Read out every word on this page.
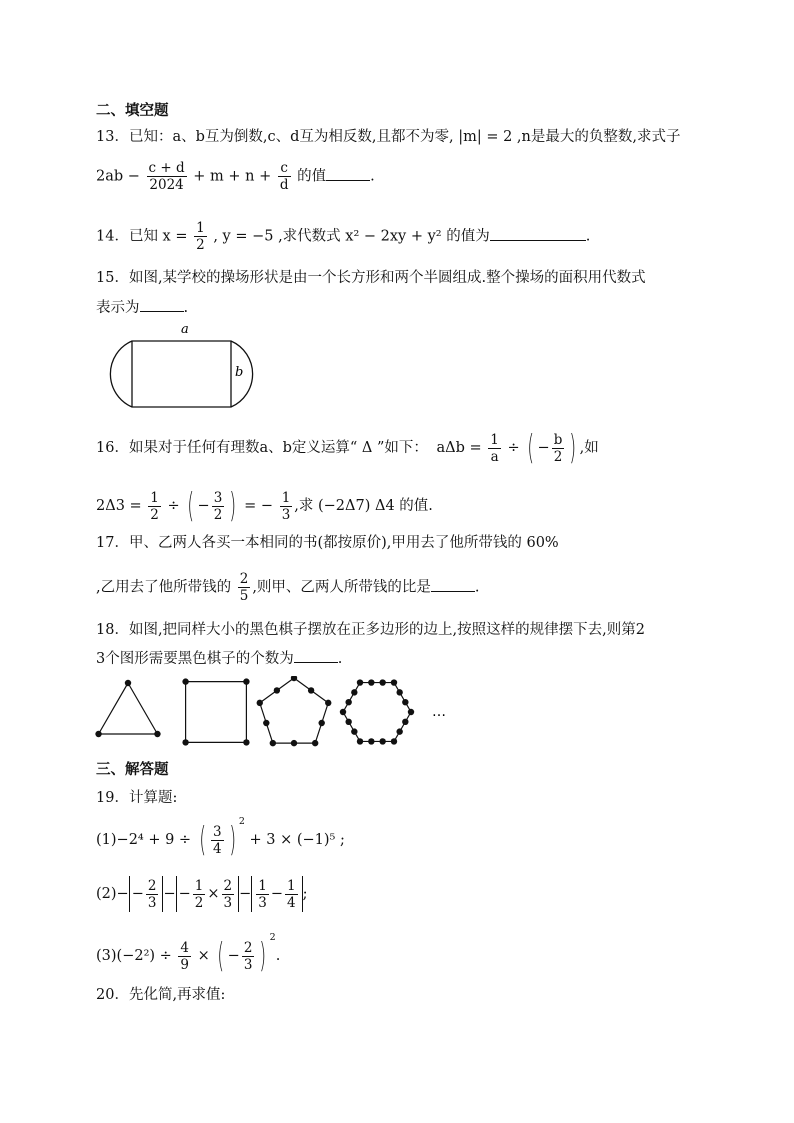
二、填空题
13．已知：a、b互为倒数,c、d互为相反数,且都不为零, |m| = 2 ,n是最大的负整数,求式子
$2ab - \frac{c + d}{2024} + m + n + \frac{c}{d}$ 的值	.
14．已知 $x = \frac{1}{2}$ , y = −5 ,求代数式 x² − 2xy + y² 的值为	.
15．如图,某学校的操场形状是由一个长方形和两个半圆组成.整个操场的面积用代数式
表示为	.
a
b
16．如果对于任何有理数a、b定义运算“ Δ ”如下： $a\Delta b = \frac{1}{a}$ ÷ ( − $\frac{b}{2}$ ) ,如
$2\Delta 3 = \frac{1}{2}$ ÷ ( − $\frac{3}{2}$ ) = − $\frac{1}{3}$ ,求 (−2Δ7) Δ4 的值.
17．甲、乙两人各买一本相同的书(都按原价),甲用去了他所带钱的 60%
,乙用去了他所带钱的 $\frac{2}{5}$ ,则甲、乙两人所带钱的比是	.
18．如图,把同样大小的黑色棋子摆放在正多边形的边上,按照这样的规律摆下去,则第2
3个图形需要黑色棋子的个数为	.
…
三、解答题
19．计算题:
(1)−2⁴ + 9 ÷ ( $\frac{3}{4}$ ) $^2$ + 3 × (−1)⁵ ;
$(2)- - \frac{2}{3}$ − − $\frac{1}{2} \times \frac{2}{3} - \frac{1}{3} - \frac{1}{4}$ ;
$(3)(-2^2) \div \frac{4}{9}$ × ( − $\frac{2}{3}$ ) $^2$.
20．先化简,再求值:
